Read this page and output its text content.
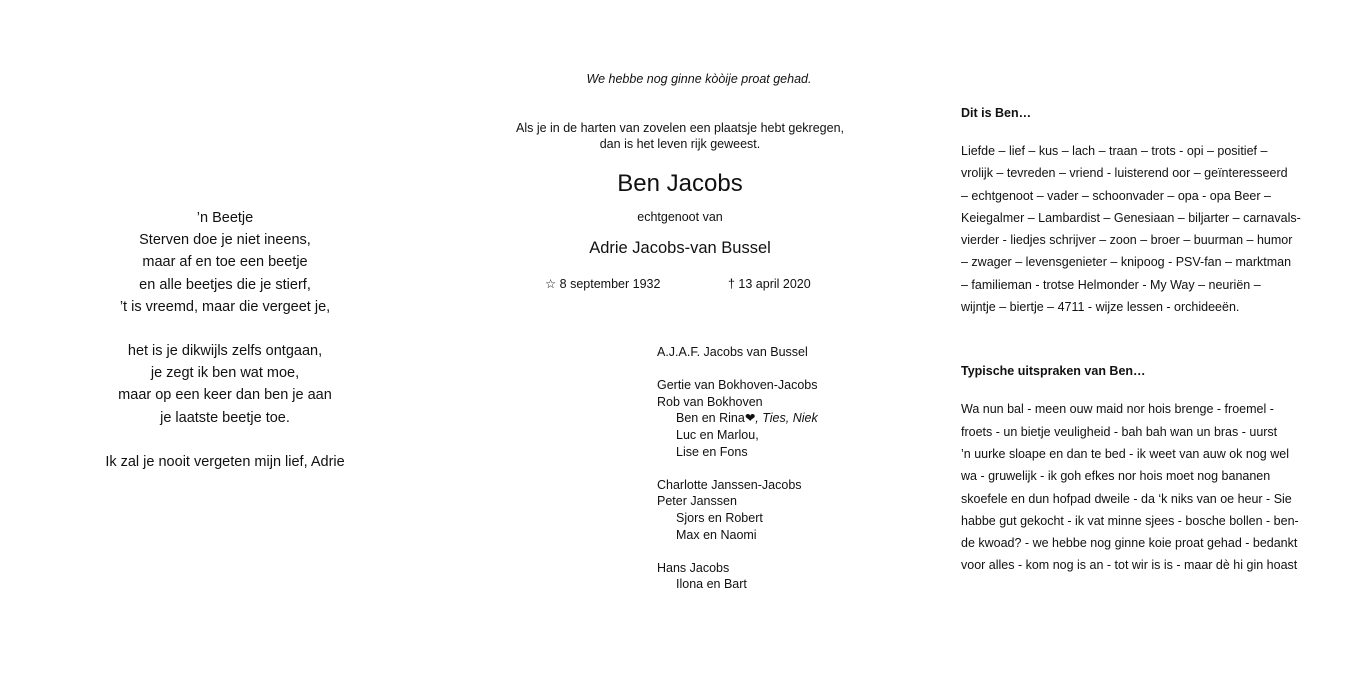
’n Beetje
Sterven doe je niet ineens,
maar af en toe een beetje
en alle beetjes die je stierf,
’t is vreemd, maar die vergeet je,
het is je dikwijls zelfs ontgaan,
je zegt ik ben wat moe,
maar op een keer dan ben je aan
je laatste beetje toe.
Ik zal je nooit vergeten mijn lief, Adrie
We hebbe nog ginne kòòije proat gehad.
Als je in de harten van zovelen een plaatsje hebt gekregen,
dan is het leven rijk geweest.
Ben Jacobs
echtgenoot van
Adrie Jacobs-van Bussel
☆ 8 september 1932	† 13 april 2020
A.J.A.F. Jacobs van Bussel
Gertie van Bokhoven-Jacobs
Rob van Bokhoven
Ben en Rina❤, Ties, Niek
Luc en Marlou,
Lise en Fons
Charlotte Janssen-Jacobs
Peter Janssen
Sjors en Robert
Max en Naomi
Hans Jacobs
Ilona en Bart
Dit is Ben…
Liefde – lief – kus – lach – traan – trots - opi – positief –
vrolijk – tevreden – vriend - luisterend oor – geïnteresseerd
– echtgenoot – vader – schoonvader – opa - opa Beer –
Keiegalmer – Lambardist – Genesiaan – biljarter – carnavals-
vierder - liedjes schrijver – zoon – broer – buurman – humor
– zwager – levensgenieter – knipoog - PSV-fan – marktman
– familieman - trotse Helmonder - My Way – neuriën –
wijntje – biertje – 4711 - wijze lessen - orchideeën.
Typische uitspraken van Ben…
Wa nun bal - meen ouw maid nor hois brenge - froemel -
froets - un bietje veuligheid - bah bah wan un bras - uurst
’n uurke sloape en dan te bed - ik weet van auw ok nog wel
wa - gruwelijk - ik goh efkes nor hois moet nog bananen
skoefele en dun hofpad dweile - da ‘k niks van oe heur - Sie
habbe gut gekocht - ik vat minne sjees - bosche bollen - ben-
de kwoad? - we hebbe nog ginne koie proat gehad - bedankt
voor alles - kom nog is an - tot wir is is - maar dè hi gin hoast
